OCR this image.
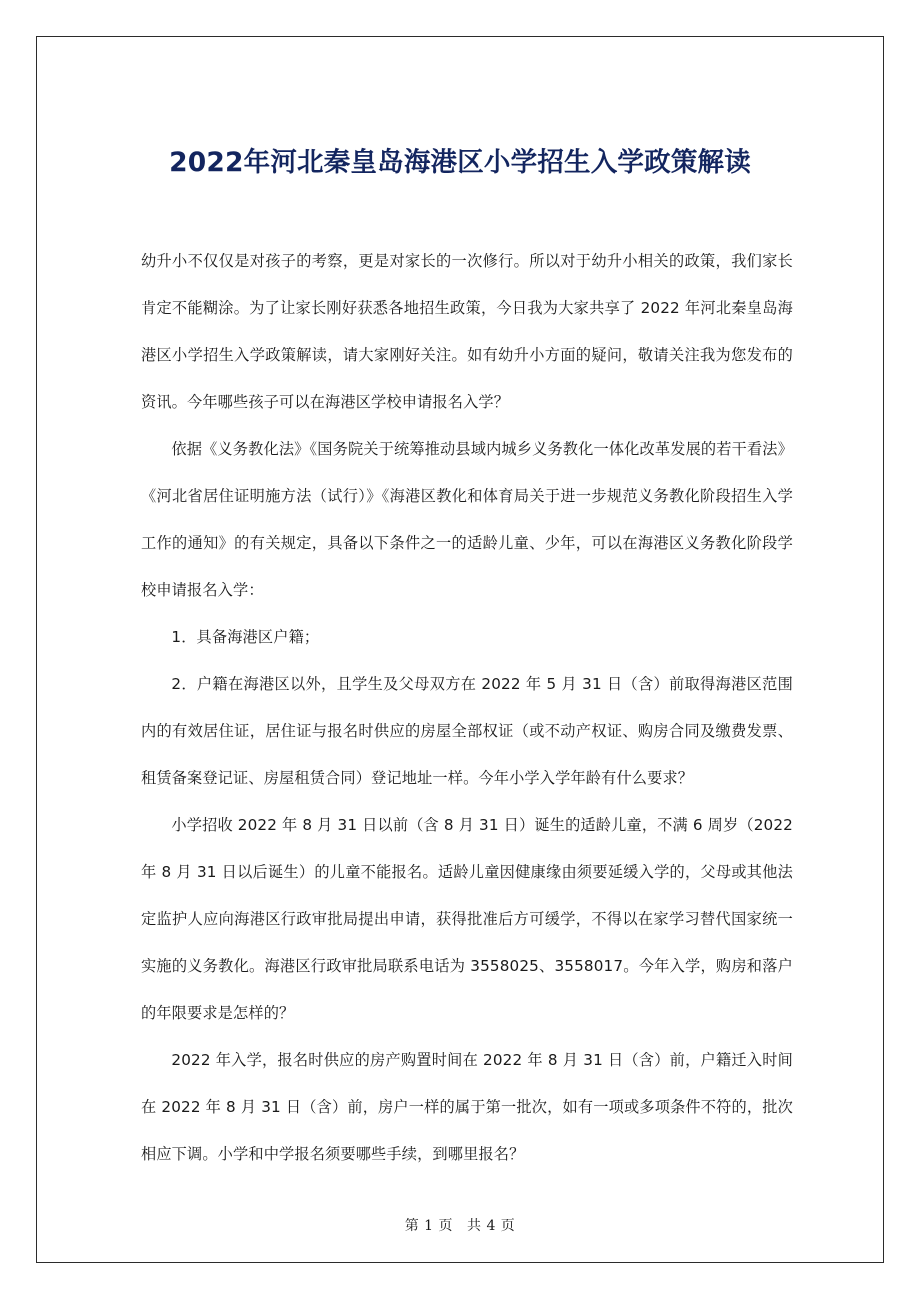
2022年河北秦皇岛海港区小学招生入学政策解读

幼升小不仅仅是对孩子的考察，更是对家长的一次修行。所以对于幼升小相关的政策，我们家长肯定不能糊涂。为了让家长刚好获悉各地招生政策，今日我为大家共享了 2022 年河北秦皇岛海港区小学招生入学政策解读，请大家刚好关注。如有幼升小方面的疑问，敬请关注我为您发布的资讯。今年哪些孩子可以在海港区学校申请报名入学？

依据《义务教化法》《国务院关于统筹推动县域内城乡义务教化一体化改革发展的若干看法》《河北省居住证明施方法（试行）》《海港区教化和体育局关于进一步规范义务教化阶段招生入学工作的通知》的有关规定，具备以下条件之一的适龄儿童、少年，可以在海港区义务教化阶段学校申请报名入学：

1．具备海港区户籍；

2．户籍在海港区以外，且学生及父母双方在 2022 年 5 月 31 日（含）前取得海港区范围内的有效居住证，居住证与报名时供应的房屋全部权证（或不动产权证、购房合同及缴费发票、租赁备案登记证、房屋租赁合同）登记地址一样。今年小学入学年龄有什么要求？

小学招收 2022 年 8 月 31 日以前（含 8 月 31 日）诞生的适龄儿童，不满 6 周岁（2022 年 8 月 31 日以后诞生）的儿童不能报名。适龄儿童因健康缘由须要延缓入学的，父母或其他法定监护人应向海港区行政审批局提出申请，获得批准后方可缓学，不得以在家学习替代国家统一实施的义务教化。海港区行政审批局联系电话为 3558025、3558017。今年入学，购房和落户的年限要求是怎样的？

2022 年入学，报名时供应的房产购置时间在 2022 年 8 月 31 日（含）前，户籍迁入时间在 2022 年 8 月 31 日（含）前，房户一样的属于第一批次，如有一项或多项条件不符的，批次相应下调。小学和中学报名须要哪些手续，到哪里报名？

第 1 页 共 4 页
